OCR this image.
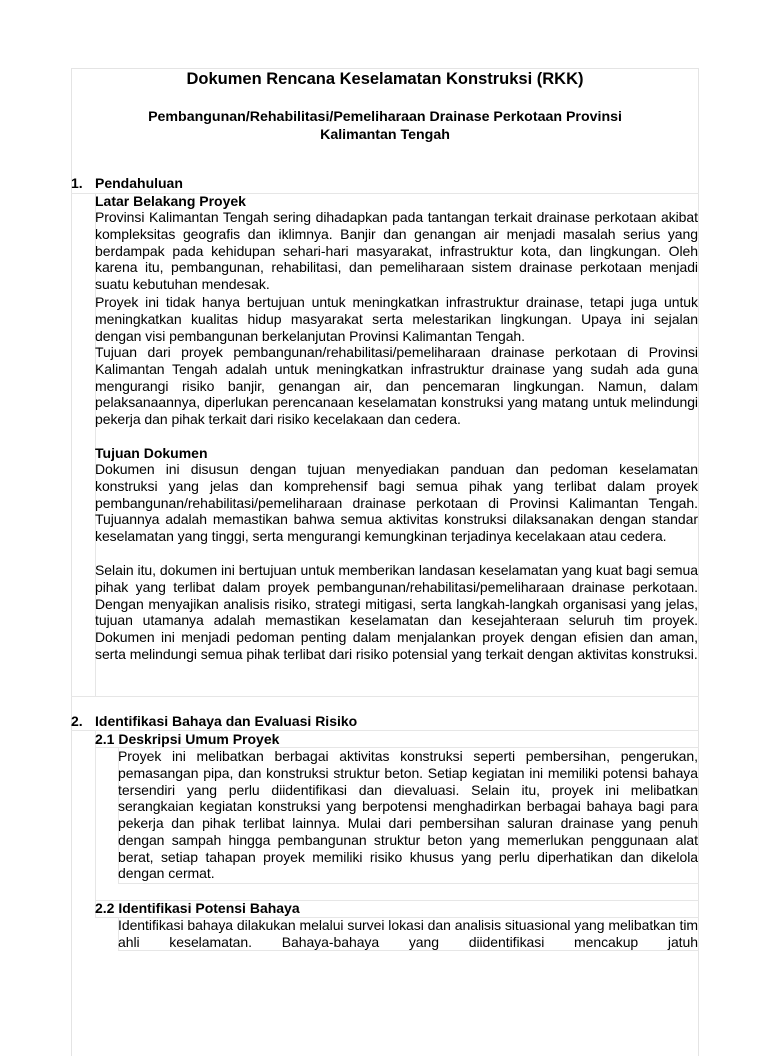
Dokumen Rencana Keselamatan Konstruksi (RKK)
Pembangunan/Rehabilitasi/Pemeliharaan Drainase Perkotaan Provinsi Kalimantan Tengah
1. Pendahuluan
Latar Belakang Proyek

Provinsi Kalimantan Tengah sering dihadapkan pada tantangan terkait drainase perkotaan akibat kompleksitas geografis dan iklimnya. Banjir dan genangan air menjadi masalah serius yang berdampak pada kehidupan sehari-hari masyarakat, infrastruktur kota, dan lingkungan. Oleh karena itu, pembangunan, rehabilitasi, dan pemeliharaan sistem drainase perkotaan menjadi suatu kebutuhan mendesak.

Proyek ini tidak hanya bertujuan untuk meningkatkan infrastruktur drainase, tetapi juga untuk meningkatkan kualitas hidup masyarakat serta melestarikan lingkungan. Upaya ini sejalan dengan visi pembangunan berkelanjutan Provinsi Kalimantan Tengah.

Tujuan dari proyek pembangunan/rehabilitasi/pemeliharaan drainase perkotaan di Provinsi Kalimantan Tengah adalah untuk meningkatkan infrastruktur drainase yang sudah ada guna mengurangi risiko banjir, genangan air, dan pencemaran lingkungan. Namun, dalam pelaksanaannya, diperlukan perencanaan keselamatan konstruksi yang matang untuk melindungi pekerja dan pihak terkait dari risiko kecelakaan dan cedera.

Tujuan Dokumen

Dokumen ini disusun dengan tujuan menyediakan panduan dan pedoman keselamatan konstruksi yang jelas dan komprehensif bagi semua pihak yang terlibat dalam proyek pembangunan/rehabilitasi/pemeliharaan drainase perkotaan di Provinsi Kalimantan Tengah. Tujuannya adalah memastikan bahwa semua aktivitas konstruksi dilaksanakan dengan standar keselamatan yang tinggi, serta mengurangi kemungkinan terjadinya kecelakaan atau cedera.

Selain itu, dokumen ini bertujuan untuk memberikan landasan keselamatan yang kuat bagi semua pihak yang terlibat dalam proyek pembangunan/rehabilitasi/pemeliharaan drainase perkotaan. Dengan menyajikan analisis risiko, strategi mitigasi, serta langkah-langkah organisasi yang jelas, tujuan utamanya adalah memastikan keselamatan dan kesejahteraan seluruh tim proyek. Dokumen ini menjadi pedoman penting dalam menjalankan proyek dengan efisien dan aman, serta melindungi semua pihak terlibat dari risiko potensial yang terkait dengan aktivitas konstruksi.

2. Identifikasi Bahaya dan Evaluasi Risiko
2.1 Deskripsi Umum Proyek

Proyek ini melibatkan berbagai aktivitas konstruksi seperti pembersihan, pengerukan, pemasangan pipa, dan konstruksi struktur beton. Setiap kegiatan ini memiliki potensi bahaya tersendiri yang perlu diidentifikasi dan dievaluasi. Selain itu, proyek ini melibatkan serangkaian kegiatan konstruksi yang berpotensi menghadirkan berbagai bahaya bagi para pekerja dan pihak terlibat lainnya. Mulai dari pembersihan saluran drainase yang penuh dengan sampah hingga pembangunan struktur beton yang memerlukan penggunaan alat berat, setiap tahapan proyek memiliki risiko khusus yang perlu diperhatikan dan dikelola dengan cermat.

2.2 Identifikasi Potensi Bahaya

Identifikasi bahaya dilakukan melalui survei lokasi dan analisis situasional yang melibatkan tim ahli keselamatan. Bahaya-bahaya yang diidentifikasi mencakup jatuh
